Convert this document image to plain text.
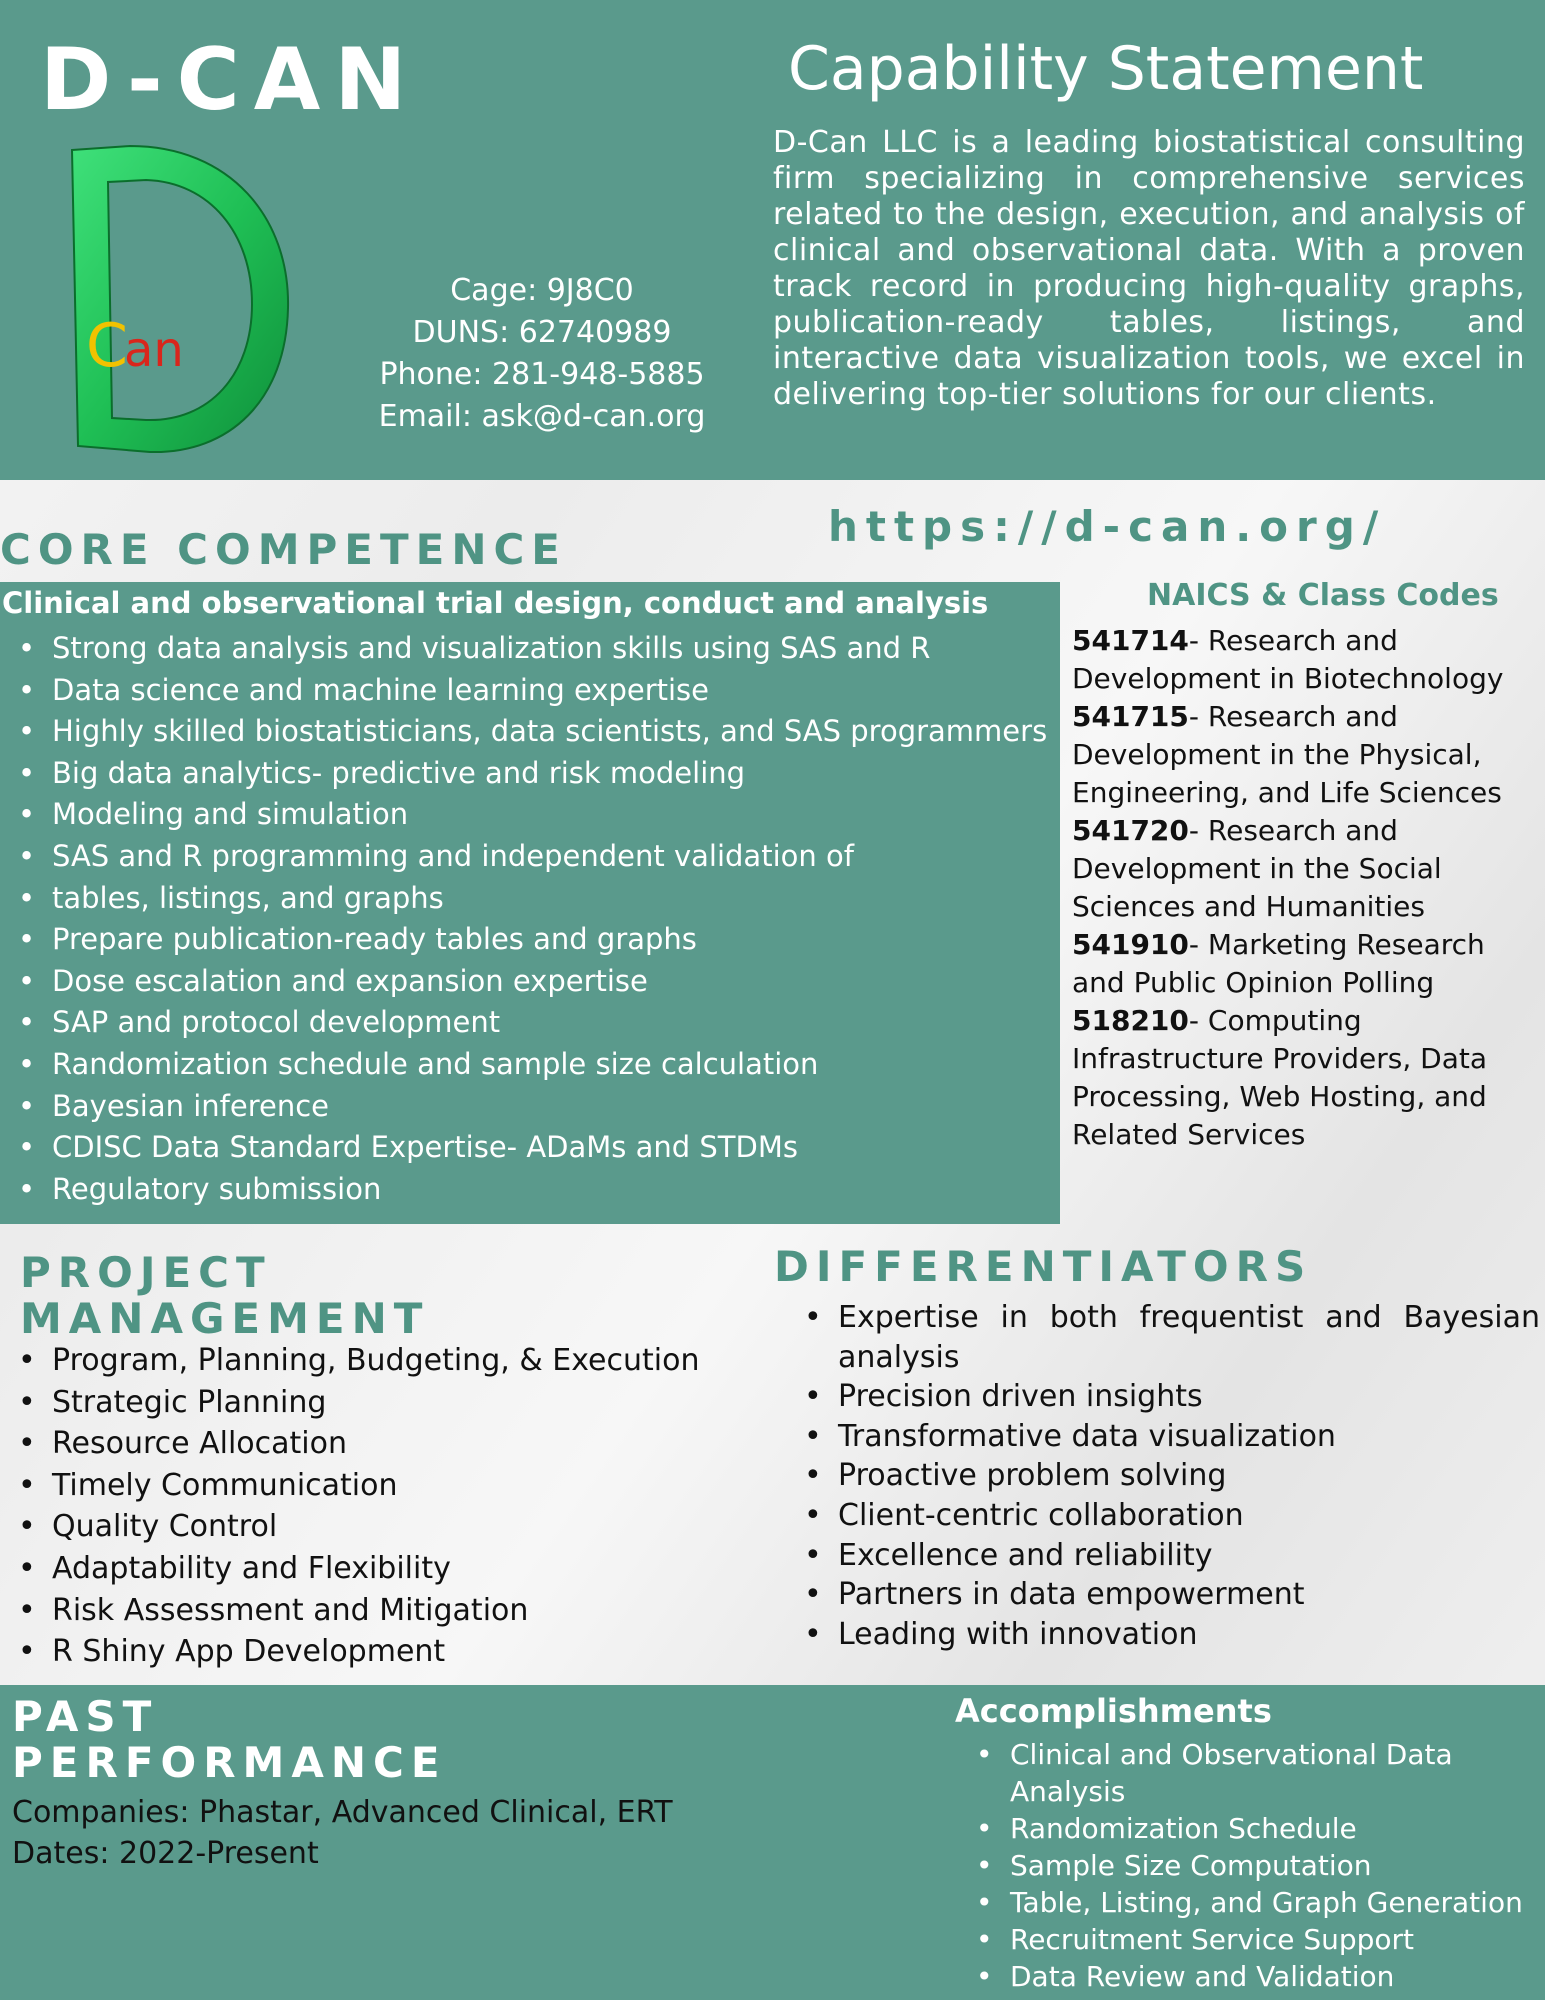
D-CAN
C
an
Cage: 9J8C0
DUNS: 62740989
Phone: 281-948-5885
Email: ask@d-can.org
Capability Statement
D-Can LLC is a leading biostatistical consulting firm specializing in comprehensive services related to the design, execution, and analysis of clinical and observational data. With a proven track record in producing high-quality graphs, publication-ready tables, listings, and interactive data visualization tools, we excel in delivering top-tier solutions for our clients.
CORE COMPETENCE	https://d-can.org/
Clinical and observational trial design, conduct and analysis
• Strong data analysis and visualization skills using SAS and R
• Data science and machine learning expertise
• Highly skilled biostatisticians, data scientists, and SAS programmers
• Big data analytics- predictive and risk modeling
• Modeling and simulation
• SAS and R programming and independent validation of
• tables, listings, and graphs
• Prepare publication-ready tables and graphs
• Dose escalation and expansion expertise
• SAP and protocol development
• Randomization schedule and sample size calculation
• Bayesian inference
• CDISC Data Standard Expertise- ADaMs and STDMs
• Regulatory submission
NAICS & Class Codes
541714- Research and Development in Biotechnology
541715- Research and Development in the Physical, Engineering, and Life Sciences
541720- Research and Development in the Social Sciences and Humanities
541910- Marketing Research and Public Opinion Polling
518210- Computing Infrastructure Providers, Data Processing, Web Hosting, and Related Services
PROJECT
MANAGEMENT
• Program, Planning, Budgeting, & Execution
• Strategic Planning
• Resource Allocation
• Timely Communication
• Quality Control
• Adaptability and Flexibility
• Risk Assessment and Mitigation
• R Shiny App Development
DIFFERENTIATORS
• Expertise in both frequentist and Bayesian analysis
• Precision driven insights
• Transformative data visualization
• Proactive problem solving
• Client-centric collaboration
• Excellence and reliability
• Partners in data empowerment
• Leading with innovation
PAST
PERFORMANCE
Companies: Phastar, Advanced Clinical, ERT
Dates: 2022-Present
Accomplishments
• Clinical and Observational Data Analysis
• Randomization Schedule
• Sample Size Computation
• Table, Listing, and Graph Generation
• Recruitment Service Support
• Data Review and Validation
